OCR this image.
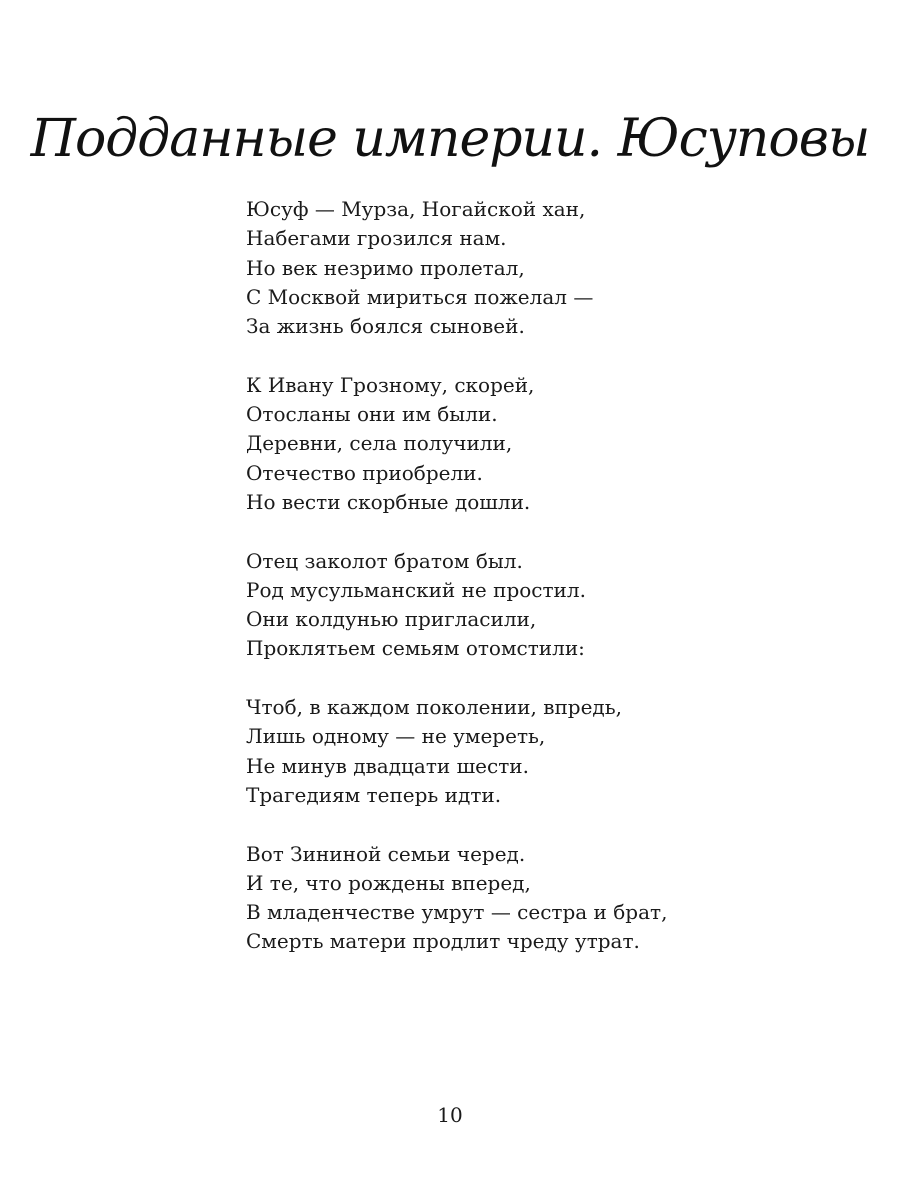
Подданные империи. Юсуповы
Юсуф — Мурза, Ногайской хан,
Набегами грозился нам.
Но век незримо пролетал,
С Москвой мириться пожелал —
За жизнь боялся сыновей.
К Ивану Грозному, скорей,
Отосланы они им были.
Деревни, села получили,
Отечество приобрели.
Но вести скорбные дошли.
Отец заколот братом был.
Род мусульманский не простил.
Они колдунью пригласили,
Проклятьем семьям отомстили:
Чтоб, в каждом поколении, впредь,
Лишь одному — не умереть,
Не минув двадцати шести.
Трагедиям теперь идти.
Вот Зининой семьи черед.
И те, что рождены вперед,
В младенчестве умрут — сестра и брат,
Смерть матери продлит чреду утрат.
10
